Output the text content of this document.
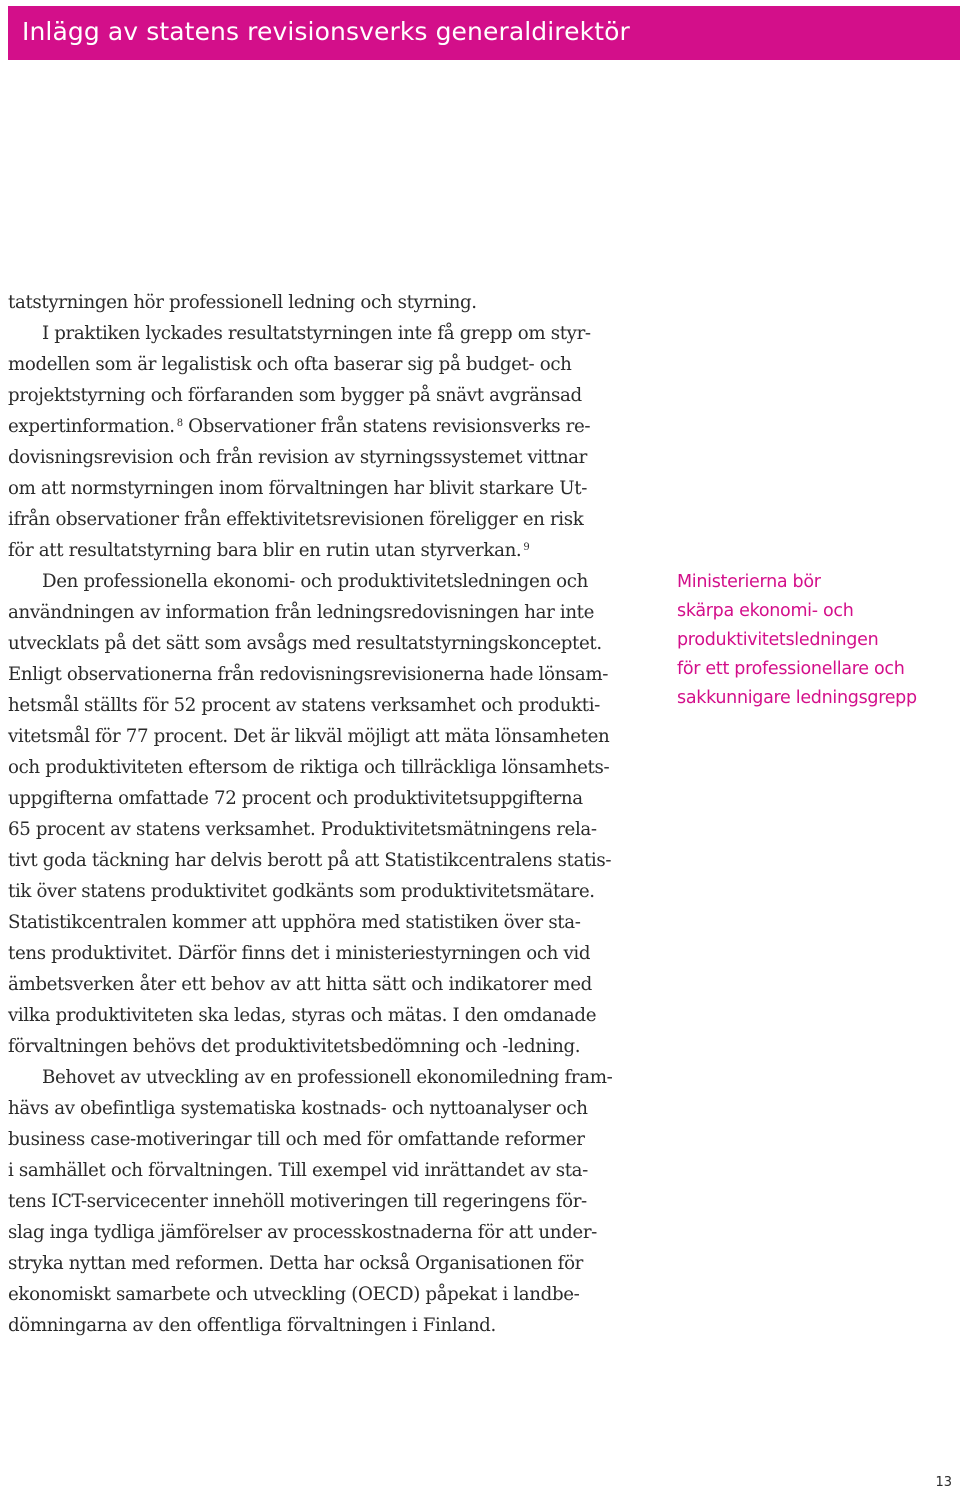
Inlägg av statens revisionsverks generaldirektör
tatstyrningen hör professionell ledning och styrning.
I praktiken lyckades resultatstyrningen inte få grepp om styr-
modellen som är legalistisk och ofta baserar sig på budget- och
projektstyrning och förfaranden som bygger på snävt avgränsad
expertinformation. $^8$ Observationer från statens revisionsverks re-
dovisningsrevision och från revision av styrningssystemet vittnar
om att normstyrningen inom förvaltningen har blivit starkare Ut-
ifrån observationer från effektivitetsrevisionen föreligger en risk
för att resultatstyrning bara blir en rutin utan styrverkan. $^9$
Den professionella ekonomi- och produktivitetsledningen och
användningen av information från ledningsredovisningen har inte
utvecklats på det sätt som avsågs med resultatstyrningskonceptet.
Enligt observationerna från redovisningsrevisionerna hade lönsam-
hetsmål ställts för 52 procent av statens verksamhet och produkti-
vitetsmål för 77 procent. Det är likväl möjligt att mäta lönsamheten
och produktiviteten eftersom de riktiga och tillräckliga lönsamhets-
uppgifterna omfattade 72 procent och produktivitetsuppgifterna
65 procent av statens verksamhet. Produktivitetsmätningens rela-
tivt goda täckning har delvis berott på att Statistikcentralens statis-
tik över statens produktivitet godkänts som produktivitetsmätare.
Statistikcentralen kommer att upphöra med statistiken över sta-
tens produktivitet. Därför finns det i ministeriestyrningen och vid
ämbetsverken åter ett behov av att hitta sätt och indikatorer med
vilka produktiviteten ska ledas, styras och mätas. I den omdanade
förvaltningen behövs det produktivitetsbedömning och -ledning.
Behovet av utveckling av en professionell ekonomiledning fram-
hävs av obefintliga systematiska kostnads- och nyttoanalyser och
business case-motiveringar till och med för omfattande reformer
i samhället och förvaltningen. Till exempel vid inrättandet av sta-
tens ICT-servicecenter innehöll motiveringen till regeringens för-
slag inga tydliga jämförelser av processkostnaderna för att under-
stryka nyttan med reformen. Detta har också Organisationen för
ekonomiskt samarbete och utveckling (OECD) påpekat i landbe-
dömningarna av den offentliga förvaltningen i Finland.
Ministerierna bör
skärpa ekonomi- och
produktivitetsledningen
för ett professionellare och
sakkunnigare ledningsgrepp
13
